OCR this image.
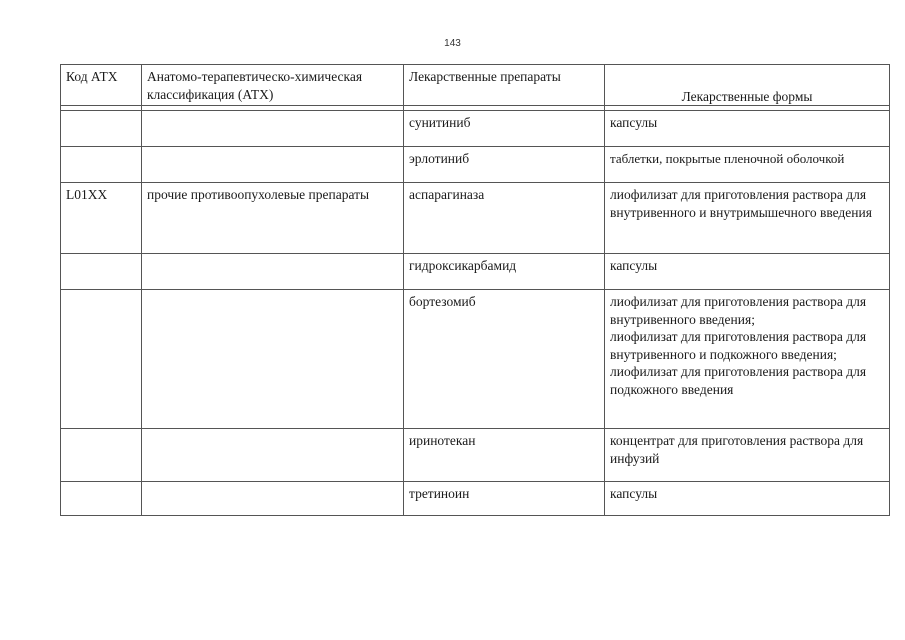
143
Код АТХ	Анатомо-терапевтическо-химическая классификация (АТХ)	Лекарственные препараты	Лекарственные формы

		сунитиниб	капсулы

		эрлотиниб	таблетки, покрытые пленочной оболочкой

L01XX	прочие противоопухолевые препараты	аспарагиназа	лиофилизат для приготовления раствора для внутривенного и внутримышечного введения

		гидроксикарбамид	капсулы

		бортезомиб	лиофилизат для приготовления раствора для внутривенного введения;
лиофилизат для приготовления раствора для внутривенного и подкожного введения;
лиофилизат для приготовления раствора для подкожного введения

		иринотекан	концентрат для приготовления раствора для инфузий

		третиноин	капсулы
